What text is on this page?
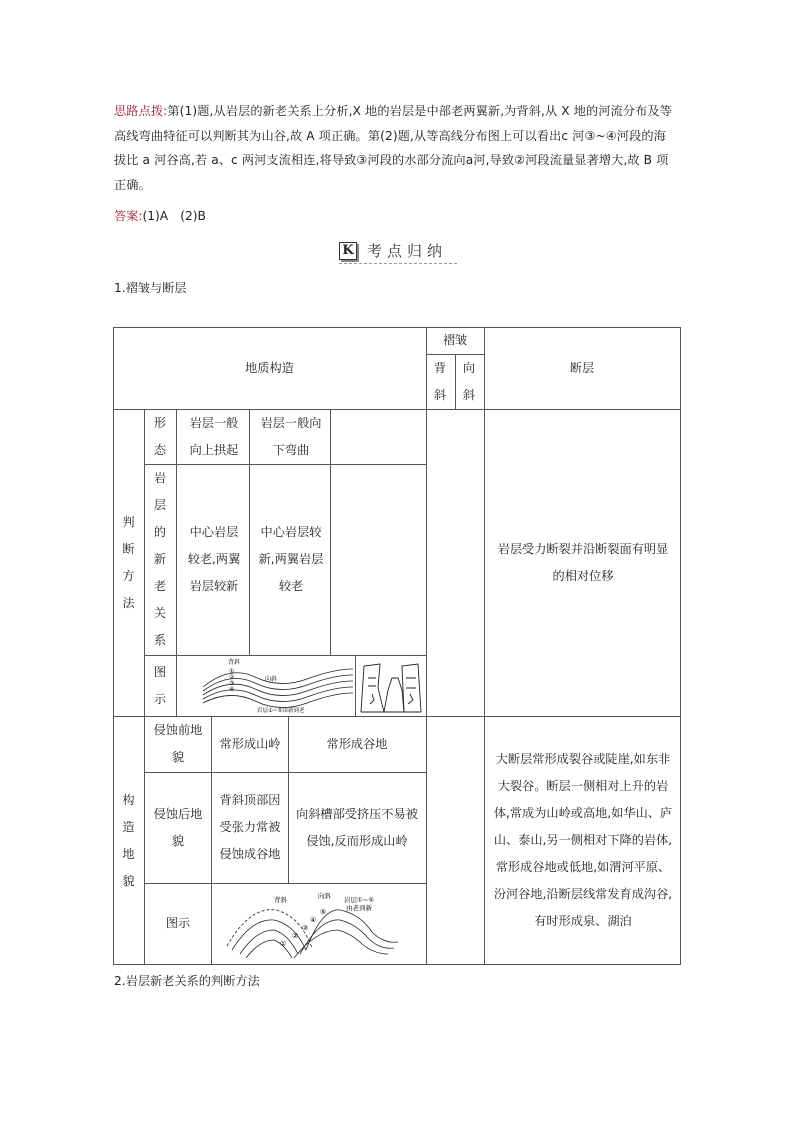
思路点拨:第(1)题,从岩层的新老关系上分析,X 地的岩层是中部老两翼新,为背斜,从 X 地的河流分布及等
高线弯曲特征可以判断其为山谷,故 A 项正确。第(2)题,从等高线分布图上可以看出c 河③~④河段的海
拔比 a 河谷高,若 a、c 两河支流相连,将导致③河段的水部分流向a河,导致②河段流量显著增大,故 B 项
正确。
答案:(1)A　(2)B
K 考点归纳
1.褶皱与断层
2.岩层新老关系的判断方法
地质构造
褶皱
背斜
向斜
断层
判断方法
形态
岩层一般向上拱起
岩层一般向下弯曲
岩层的新老关系
中心岩层较老,两翼岩层较新
中心岩层较新,两翼岩层较老
图示
岩层受力断裂并沿断裂面有明显的相对位移
构造地貌
侵蚀前地貌
常形成山岭	常形成谷地
侵蚀后地貌
背斜顶部因受张力常被侵蚀成谷地
向斜槽部受挤压不易被侵蚀,反而形成山岭
图示
大断层常形成裂谷或陡崖,如东非大裂谷。断层一侧相对上升的岩体,常成为山岭或高地,如华山、庐山、泰山,另一侧相对下降的岩体,常形成谷地或低地,如渭河平原、汾河谷地,沿断层线常发育成沟谷,有时形成泉、湖泊
背斜
向斜
①
②
③
④
岩层①~⑤由新到老
背斜	向斜 岩层①~⑤
由老到新
①
②
③
④
⑤
